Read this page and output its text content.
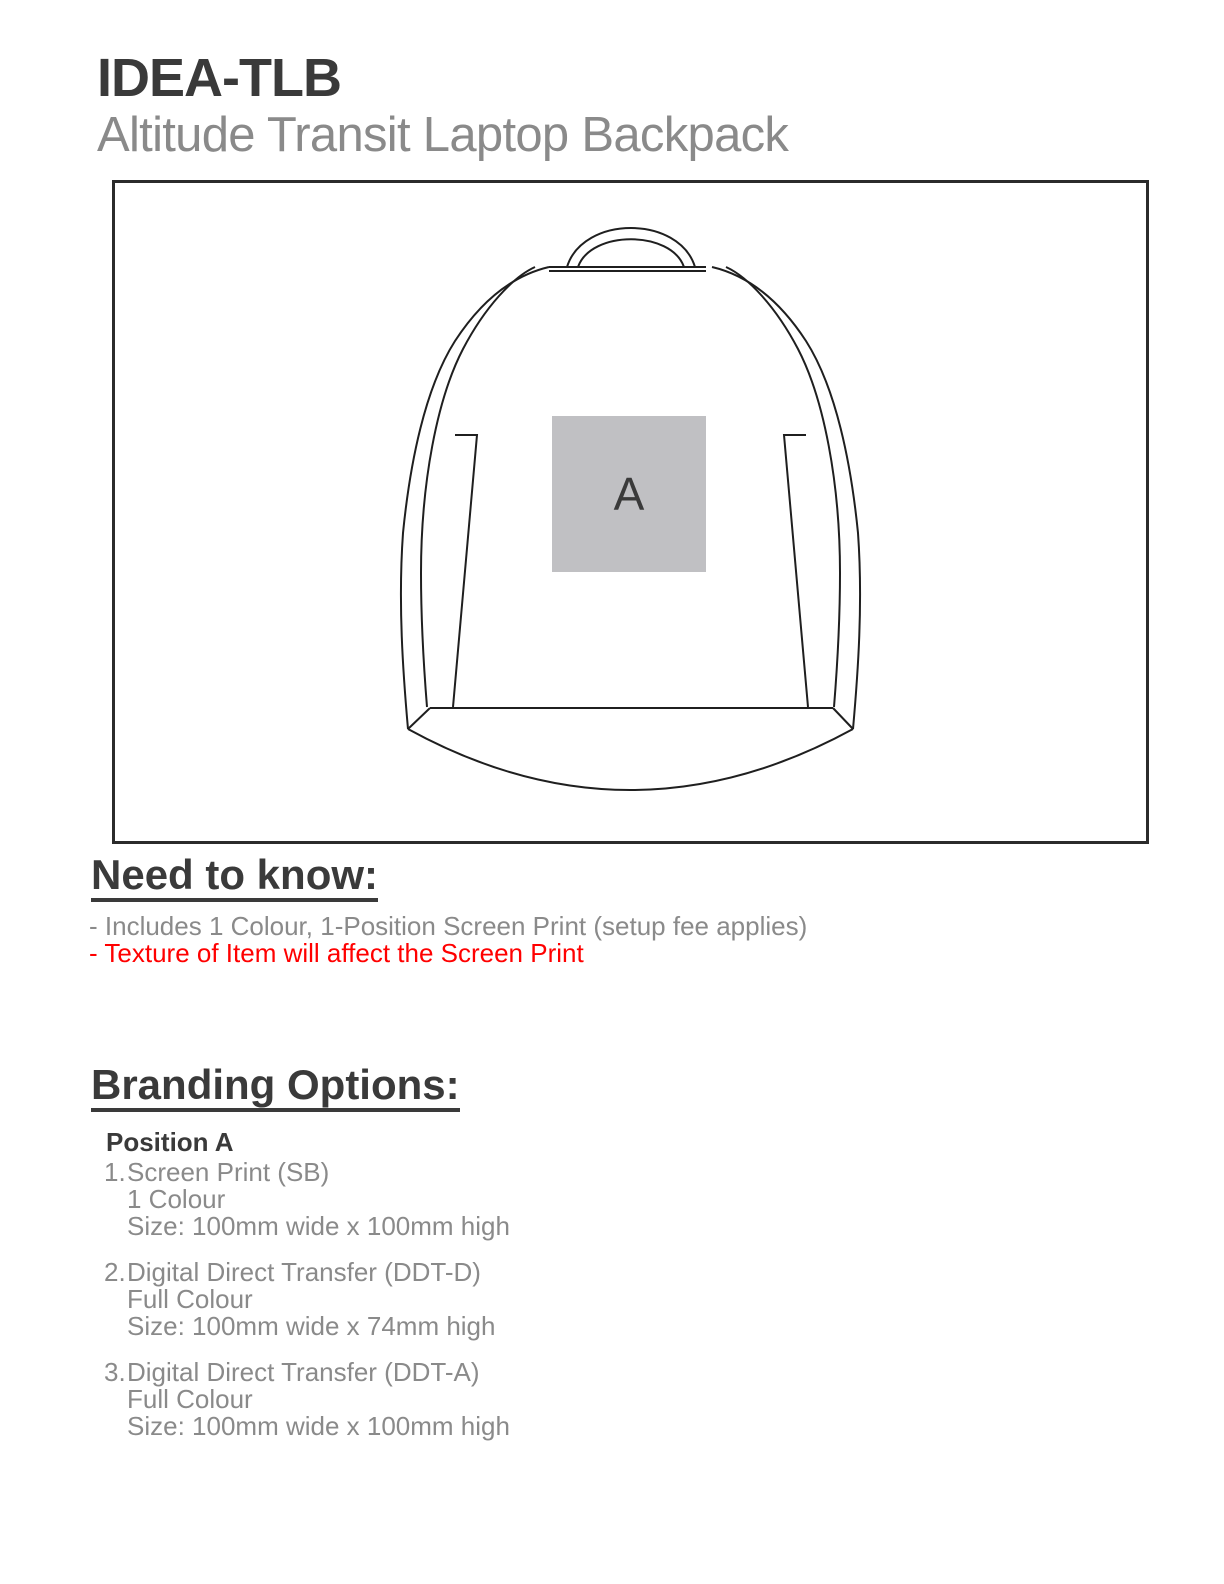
IDEA-TLB
Altitude Transit Laptop Backpack
A
Need to know:

- Includes 1 Colour, 1-Position Screen Print (setup fee applies)

- Texture of Item will affect the Screen Print

Branding Options:
Position A
1. Screen Print (SB)
1 Colour
Size: 100mm wide x 100mm high
2. Digital Direct Transfer (DDT-D)
Full Colour
Size: 100mm wide x 74mm high
3. Digital Direct Transfer (DDT-A)
Full Colour
Size: 100mm wide x 100mm high
